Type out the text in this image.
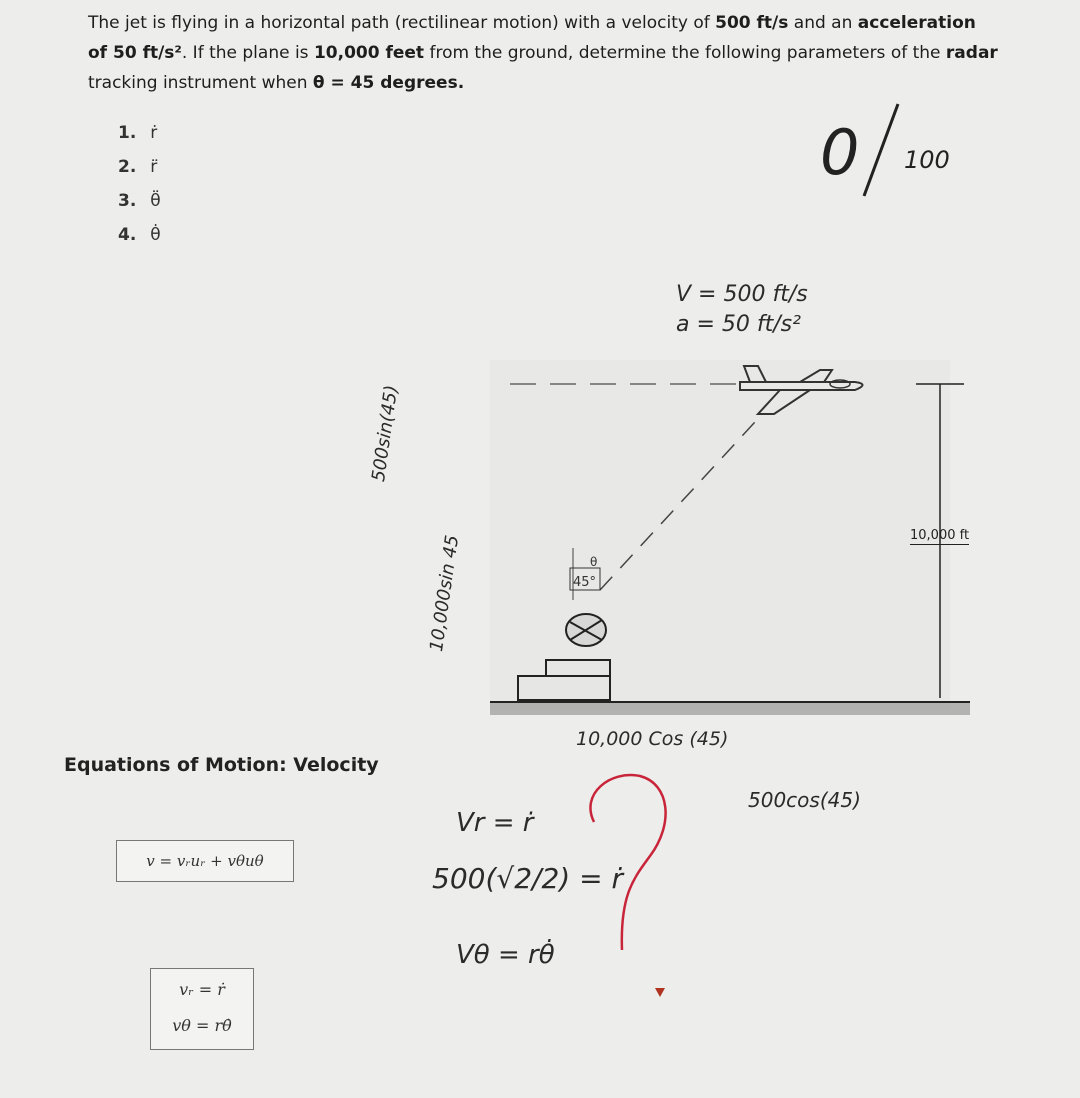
The jet is flying in a horizontal path (rectilinear motion) with a velocity of 500 ft/s and an acceleration
of 50 ft/s². If the plane is 10,000 feet from the ground, determine the following parameters of the radar
tracking instrument when θ = 45 degrees.
1. ṙ
2. r̈
3. θ̈
4. θ̇
0 100
V = 500 ft/s
a = 50 ft/s²
θ
45°
10,000 ft
500sin(45)
10,000sin 45
10,000 Cos (45)
500cos(45)
Vr = ṙ
500(√2/2) = ṙ
Vθ = rθ̇
Equations of Motion: Velocity
v = vᵣuᵣ + vθuθ
vᵣ = ṙ
vθ = rθ̇
